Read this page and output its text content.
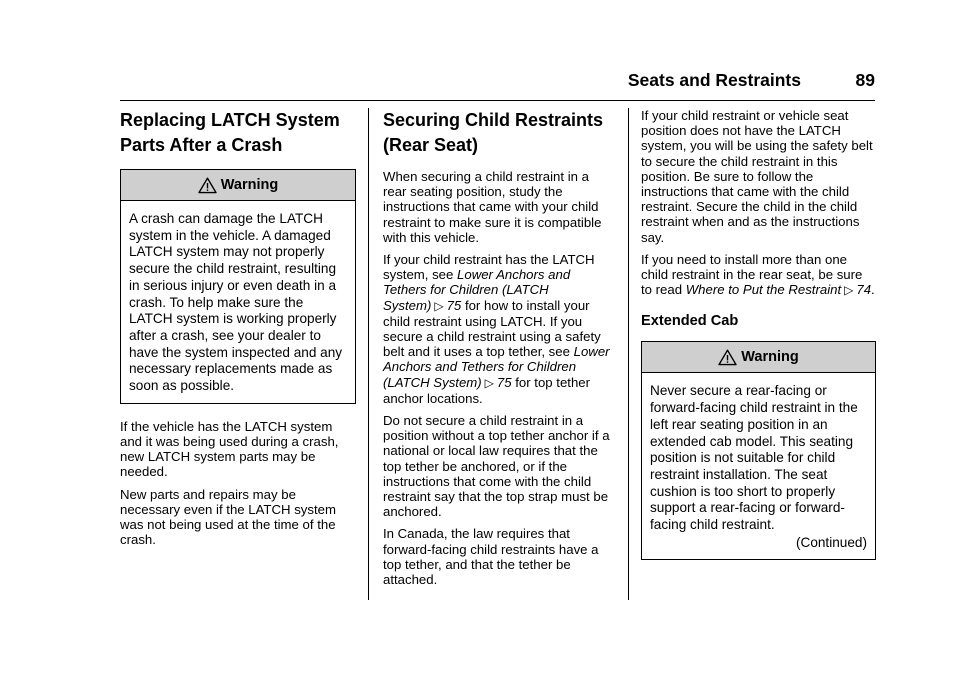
Seats and Restraints	89
Replacing LATCH System Parts After a Crash
Warning
A crash can damage the LATCH system in the vehicle. A damaged LATCH system may not properly secure the child restraint, resulting in serious injury or even death in a crash. To help make sure the LATCH system is working properly after a crash, see your dealer to have the system inspected and any necessary replacements made as soon as possible.

If the vehicle has the LATCH system and it was being used during a crash, new LATCH system parts may be needed.

New parts and repairs may be necessary even if the LATCH system was not being used at the time of the crash.

Securing Child Restraints (Rear Seat)

When securing a child restraint in a rear seating position, study the instructions that came with your child restraint to make sure it is compatible with this vehicle.

If your child restraint has the LATCH system, see Lower Anchors and Tethers for Children (LATCH System) ▷ 75 for how to install your child restraint using LATCH. If you secure a child restraint using a safety belt and it uses a top tether, see Lower Anchors and Tethers for Children (LATCH System) ▷ 75 for top tether anchor locations.

Do not secure a child restraint in a position without a top tether anchor if a national or local law requires that the top tether be anchored, or if the instructions that come with the child restraint say that the top strap must be anchored.

In Canada, the law requires that forward-facing child restraints have a top tether, and that the tether be attached.

If your child restraint or vehicle seat position does not have the LATCH system, you will be using the safety belt to secure the child restraint in this position. Be sure to follow the instructions that came with the child restraint. Secure the child in the child restraint when and as the instructions say.

If you need to install more than one child restraint in the rear seat, be sure to read Where to Put the Restraint ▷ 74.

Extended Cab
Warning
Never secure a rear-facing or forward-facing child restraint in the left rear seating position in an extended cab model. This seating position is not suitable for child restraint installation. The seat cushion is too short to properly support a rear-facing or forward-facing child restraint.
(Continued)
